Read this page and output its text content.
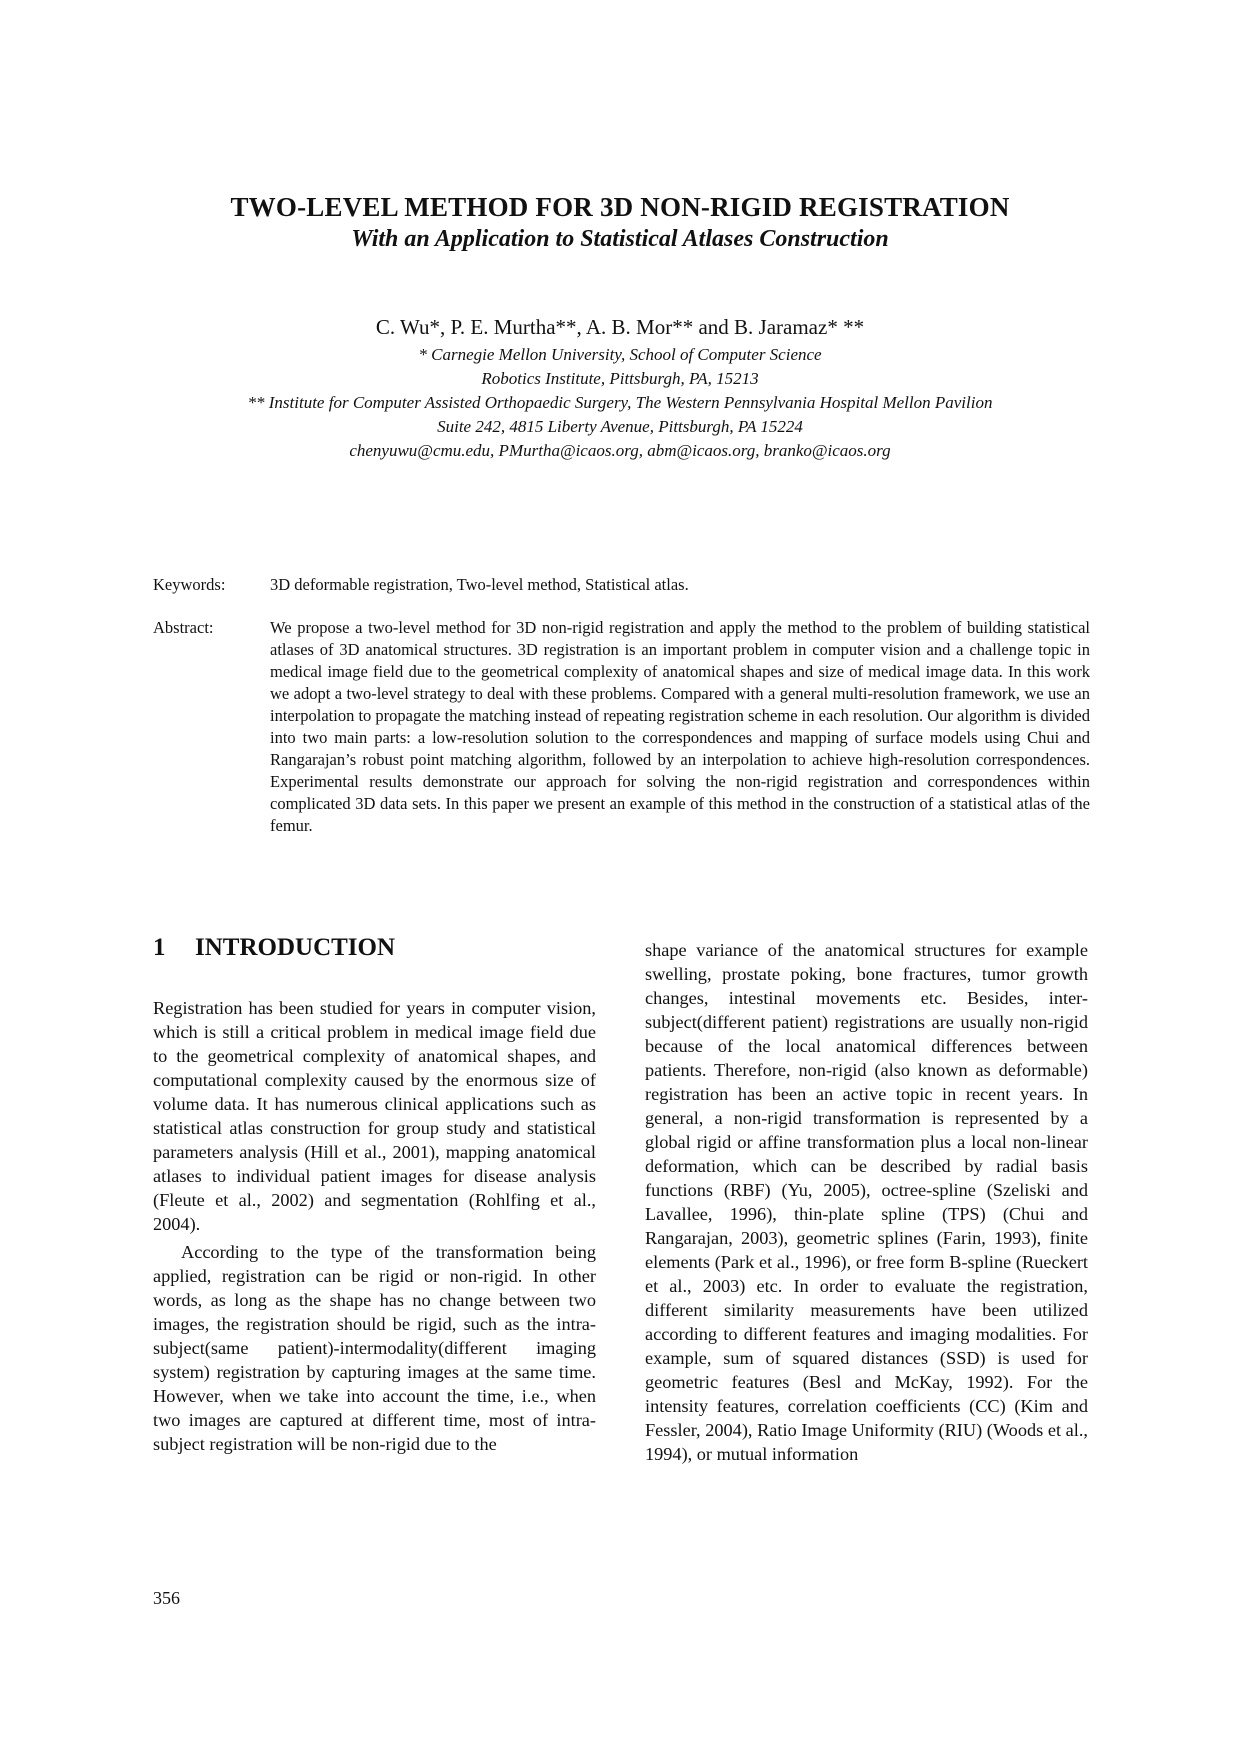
TWO-LEVEL METHOD FOR 3D NON-RIGID REGISTRATION
With an Application to Statistical Atlases Construction
C. Wu*, P. E. Murtha**, A. B. Mor** and B. Jaramaz* **
* Carnegie Mellon University, School of Computer Science
Robotics Institute, Pittsburgh, PA, 15213
** Institute for Computer Assisted Orthopaedic Surgery, The Western Pennsylvania Hospital Mellon Pavilion
Suite 242, 4815 Liberty Avenue, Pittsburgh, PA 15224
chenyuwu@cmu.edu, PMurtha@icaos.org, abm@icaos.org, branko@icaos.org
Keywords:	3D deformable registration, Two-level method, Statistical atlas.
Abstract:	We propose a two-level method for 3D non-rigid registration and apply the method to the problem of building statistical atlases of 3D anatomical structures. 3D registration is an important problem in computer vision and a challenge topic in medical image field due to the geometrical complexity of anatomical shapes and size of medical image data. In this work we adopt a two-level strategy to deal with these problems. Compared with a general multi-resolution framework, we use an interpolation to propagate the matching instead of repeating registration scheme in each resolution. Our algorithm is divided into two main parts: a low-resolution solution to the correspondences and mapping of surface models using Chui and Rangarajan’s robust point matching algorithm, followed by an interpolation to achieve high-resolution correspondences. Experimental results demonstrate our approach for solving the non-rigid registration and correspondences within complicated 3D data sets. In this paper we present an example of this method in the construction of a statistical atlas of the femur.
1 INTRODUCTION

Registration has been studied for years in computer vision, which is still a critical problem in medical image field due to the geometrical complexity of anatomical shapes, and computational complexity caused by the enormous size of volume data. It has numerous clinical applications such as statistical atlas construction for group study and statistical parameters analysis (Hill et al., 2001), mapping anatomical atlases to individual patient images for disease analysis (Fleute et al., 2002) and segmentation (Rohlfing et al., 2004).

According to the type of the transformation being applied, registration can be rigid or non-rigid. In other words, as long as the shape has no change between two images, the registration should be rigid, such as the intra-subject(same patient)-intermodality(different imaging system) registration by capturing images at the same time. However, when we take into account the time, i.e., when two images are captured at different time, most of intra-subject registration will be non-rigid due to the

shape variance of the anatomical structures for example swelling, prostate poking, bone fractures, tumor growth changes, intestinal movements etc. Besides, inter-subject(different patient) registrations are usually non-rigid because of the local anatomical differences between patients. Therefore, non-rigid (also known as deformable) registration has been an active topic in recent years. In general, a non-rigid transformation is represented by a global rigid or affine transformation plus a local non-linear deformation, which can be described by radial basis functions (RBF) (Yu, 2005), octree-spline (Szeliski and Lavallee, 1996), thin-plate spline (TPS) (Chui and Rangarajan, 2003), geometric splines (Farin, 1993), finite elements (Park et al., 1996), or free form B-spline (Rueckert et al., 2003) etc. In order to evaluate the registration, different similarity measurements have been utilized according to different features and imaging modalities. For example, sum of squared distances (SSD) is used for geometric features (Besl and McKay, 1992). For the intensity features, correlation coefficients (CC) (Kim and Fessler, 2004), Ratio Image Uniformity (RIU) (Woods et al., 1994), or mutual information

356
